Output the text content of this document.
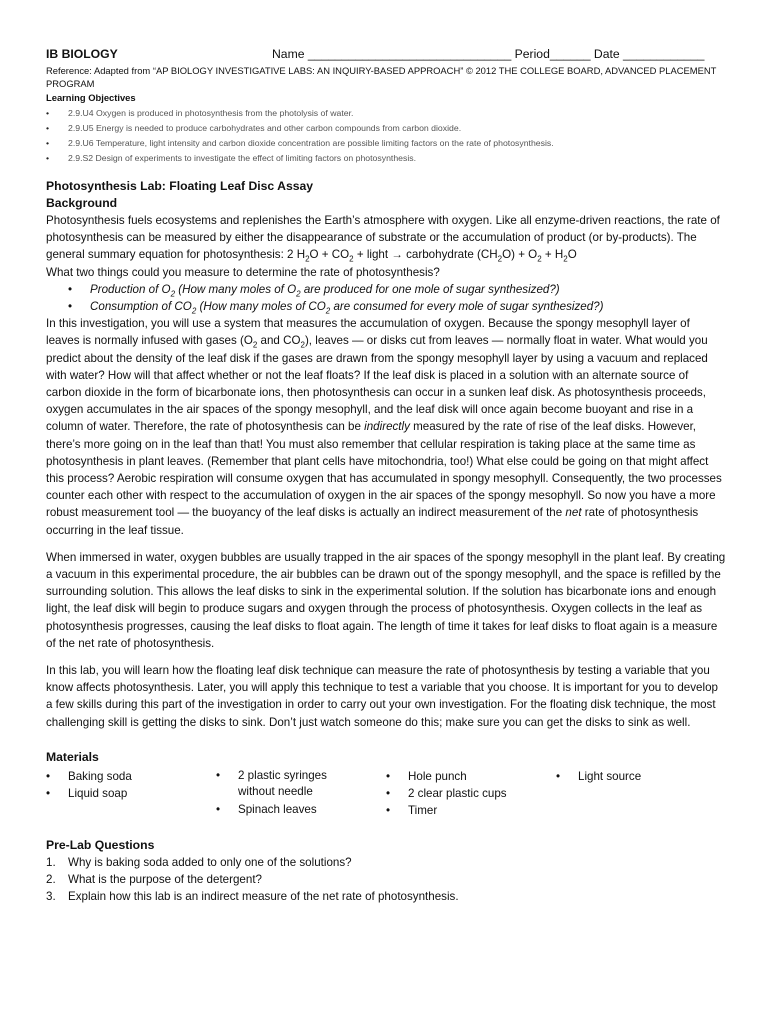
IB BIOLOGY	Name ______________________________ Period______ Date ____________
Reference: Adapted from “AP BIOLOGY INVESTIGATIVE LABS: AN INQUIRY-BASED APPROACH” © 2012 THE COLLEGE BOARD, ADVANCED PLACEMENT PROGRAM
Learning Objectives
• 2.9.U4 Oxygen is produced in photosynthesis from the photolysis of water.
• 2.9.U5 Energy is needed to produce carbohydrates and other carbon compounds from carbon dioxide.
• 2.9.U6 Temperature, light intensity and carbon dioxide concentration are possible limiting factors on the rate of photosynthesis.
• 2.9.S2 Design of experiments to investigate the effect of limiting factors on photosynthesis.
Photosynthesis Lab: Floating Leaf Disc Assay
Background

Photosynthesis fuels ecosystems and replenishes the Earth’s atmosphere with oxygen. Like all enzyme-driven reactions, the rate of photosynthesis can be measured by either the disappearance of substrate or the accumulation of product (or by-products). The general summary equation for photosynthesis: 2 $H_2O + CO_2$ + light → carbohydrate $(CH_2O) + O_2 + H_2O$

What two things could you measure to determine the rate of photosynthesis?

• Production of $O_2$ (How many moles of $O_2$ are produced for one mole of sugar synthesized?)
• Consumption of $CO_2$ (How many moles of $CO_2$ are consumed for every mole of sugar synthesized?)

In this investigation, you will use a system that measures the accumulation of oxygen. Because the spongy mesophyll layer of leaves is normally infused with gases ($O_2$ and $CO_2$), leaves — or disks cut from leaves — normally float in water. What would you predict about the density of the leaf disk if the gases are drawn from the spongy mesophyll layer by using a vacuum and replaced with water? How will that affect whether or not the leaf floats? If the leaf disk is placed in a solution with an alternate source of carbon dioxide in the form of bicarbonate ions, then photosynthesis can occur in a sunken leaf disk. As photosynthesis proceeds, oxygen accumulates in the air spaces of the spongy mesophyll, and the leaf disk will once again become buoyant and rise in a column of water. Therefore, the rate of photosynthesis can be indirectly measured by the rate of rise of the leaf disks. However, there’s more going on in the leaf than that! You must also remember that cellular respiration is taking place at the same time as photosynthesis in plant leaves. (Remember that plant cells have mitochondria, too!) What else could be going on that might affect this process? Aerobic respiration will consume oxygen that has accumulated in spongy mesophyll. Consequently, the two processes counter each other with respect to the accumulation of oxygen in the air spaces of the spongy mesophyll. So now you have a more robust measurement tool — the buoyancy of the leaf disks is actually an indirect measurement of the net rate of photosynthesis occurring in the leaf tissue.

When immersed in water, oxygen bubbles are usually trapped in the air spaces of the spongy mesophyll in the plant leaf. By creating a vacuum in this experimental procedure, the air bubbles can be drawn out of the spongy mesophyll, and the space is refilled by the surrounding solution. This allows the leaf disks to sink in the experimental solution. If the solution has bicarbonate ions and enough light, the leaf disk will begin to produce sugars and oxygen through the process of photosynthesis. Oxygen collects in the leaf as photosynthesis progresses, causing the leaf disks to float again. The length of time it takes for leaf disks to float again is a measure of the net rate of photosynthesis.

In this lab, you will learn how the floating leaf disk technique can measure the rate of photosynthesis by testing a variable that you know affects photosynthesis. Later, you will apply this technique to test a variable that you choose. It is important for you to develop a few skills during this part of the investigation in order to carry out your own investigation. For the floating disk technique, the most challenging skill is getting the disks to sink. Don’t just watch someone do this; make sure you can get the disks to sink as well.

Materials
• Baking soda
• Liquid soap
• 2 plastic syringes without needle
• Spinach leaves
• Hole punch
• 2 clear plastic cups
• Timer
• Light source
Pre-Lab Questions
1. Why is baking soda added to only one of the solutions?
2. What is the purpose of the detergent?
3. Explain how this lab is an indirect measure of the net rate of photosynthesis.
